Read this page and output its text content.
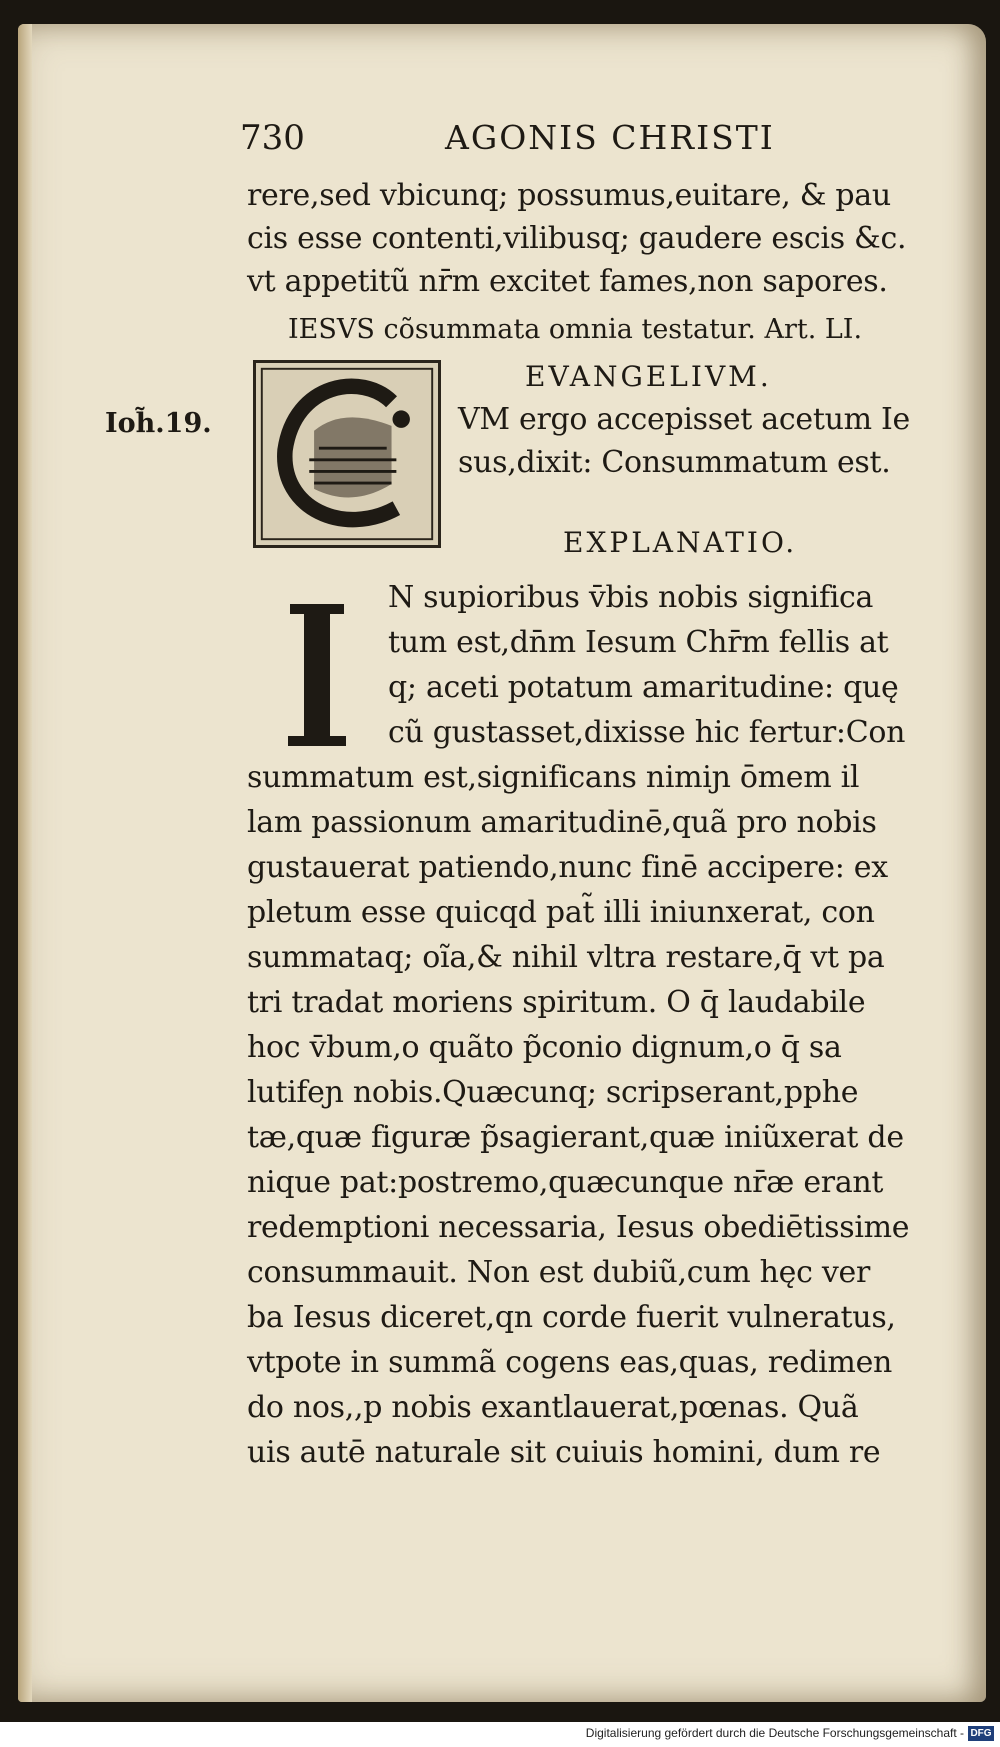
730	AGONIS CHRISTI
rere,sed vbicunq; possumus,euitare, & pau
cis esse contenti,vilibusq; gaudere escis &c.
vt appetitũ nr̄m excitet fames,non sapores.
IESVS cõsummata omnia testatur. Art. LI.
Ioh̃.19.
EVANGELIVM.
VM ergo accepisset acetum Ie
sus,dixit: Consummatum est.
EXPLANATIO.
N supioribus v̄bis nobis significa
tum est,dn̄m Iesum Chr̄m fellis at
q; aceti potatum amaritudine: quę
cũ gustasset,dixisse hic fertur:Con
summatum est,significans nimiɲ ōmem il
lam passionum amaritudinē,quã pro nobis
gustauerat patiendo,nunc finē accipere: ex
pletum esse quicqd pat̃ illi iniunxerat, con
summataq; oĩa,& nihil vltra restare,q̄ vt pa
tri tradat moriens spiritum. O q̄ laudabile
hoc v̄bum,o quãto p̃conio dignum,o q̄ sa
lutifeɲ nobis.Quæcunq; scripserant,pphe
tæ,quæ figuræ p̃sagierant,quæ iniũxerat de
nique pat:postremo,quæcunque nr̄æ erant
redemptioni necessaria, Iesus obediētissime
consummauit. Non est dubiũ,cum hęc ver
ba Iesus diceret,qn corde fuerit vulneratus,
vtpote in summã cogens eas,quas, redimen
do nos,,p nobis exantlauerat,pœnas. Quã
uis autē naturale sit cuiuis homini, dum re
Digitalisierung gefördert durch die Deutsche Forschungsgemeinschaft - DFG
